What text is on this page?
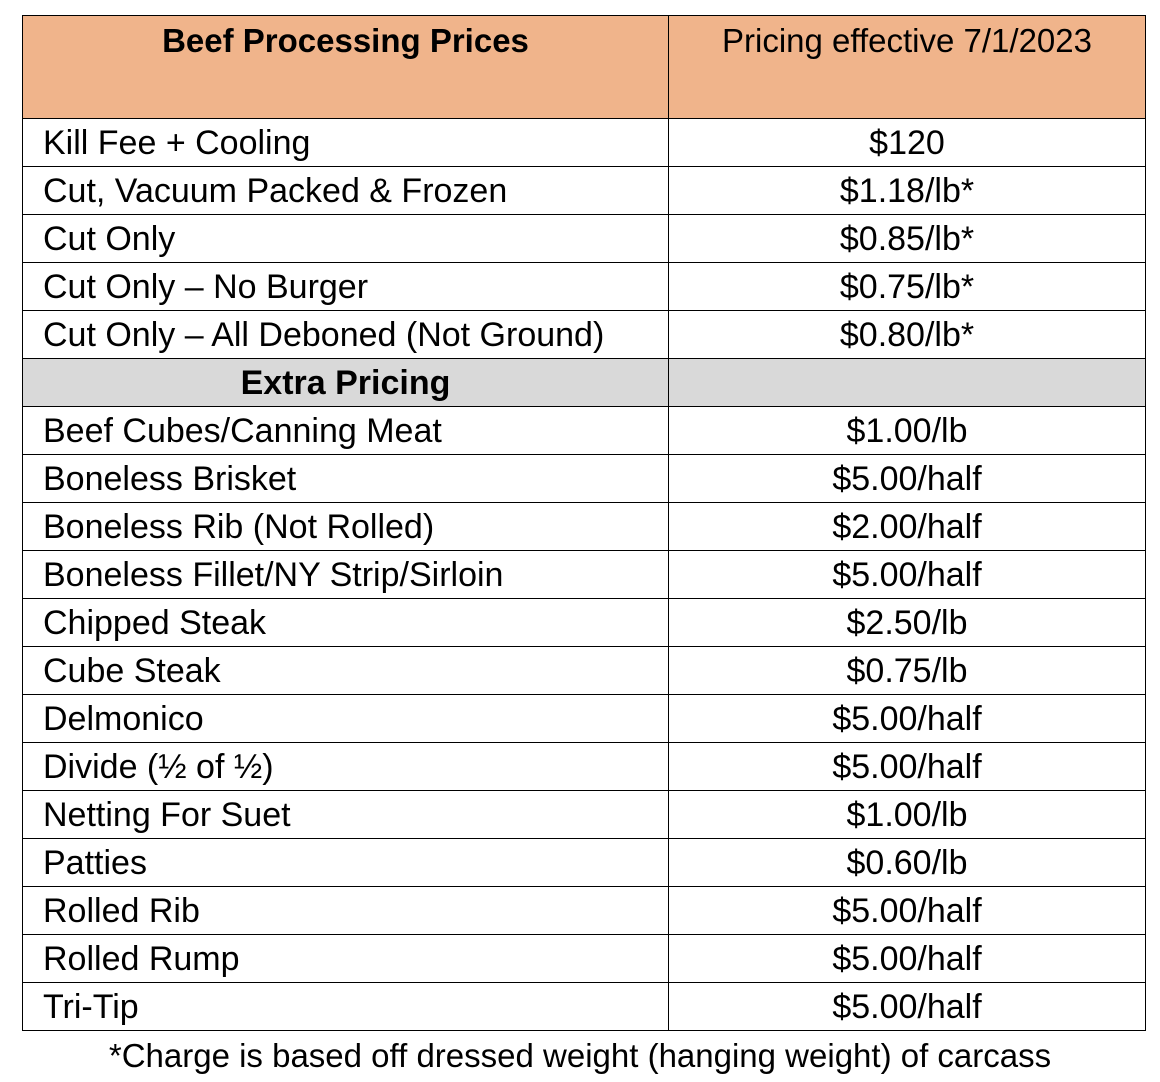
Beef Processing Prices	Pricing effective 7/1/2023
Kill Fee + Cooling	$120
Cut, Vacuum Packed & Frozen	$1.18/lb*
Cut Only	$0.85/lb*
Cut Only – No Burger	$0.75/lb*
Cut Only – All Deboned (Not Ground)	$0.80/lb*
Extra Pricing	
Beef Cubes/Canning Meat	$1.00/lb
Boneless Brisket	$5.00/half
Boneless Rib (Not Rolled)	$2.00/half
Boneless Fillet/NY Strip/Sirloin	$5.00/half
Chipped Steak	$2.50/lb
Cube Steak	$0.75/lb
Delmonico	$5.00/half
Divide (½ of ½)	$5.00/half
Netting For Suet	$1.00/lb
Patties	$0.60/lb
Rolled Rib	$5.00/half
Rolled Rump	$5.00/half
Tri-Tip	$5.00/half
*Charge is based off dressed weight (hanging weight) of carcass
